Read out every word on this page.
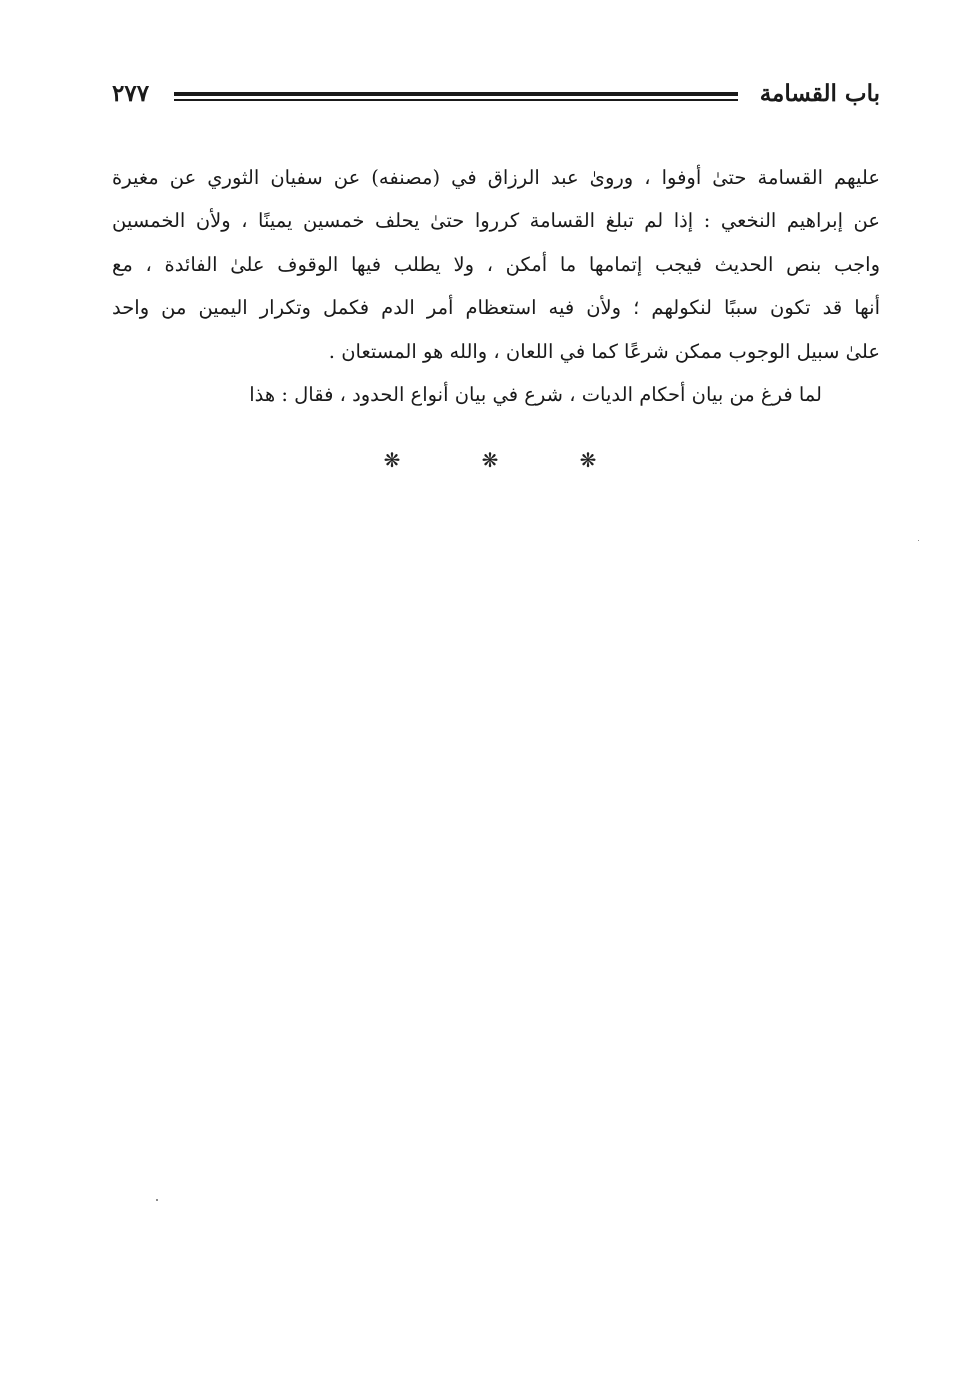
باب القسامة
٢٧٧

عليهم القسامة حتىٰ أوفوا ، ورویٰ عبد الرزاق في (مصنفه) عن سفيان الثوري عن مغيرة
عن إبراهيم النخعي : إذا لم تبلغ القسامة كرروا حتىٰ يحلف خمسين يمينًا ، ولأن الخمسين
واجب بنص الحديث فيجب إتمامها ما أمكن ، ولا يطلب فيها الوقوف علىٰ الفائدة ، مع
أنها قد تكون سببًا لنكولهم ؛ ولأن فيه استعظام أمر الدم فكمل وتكرار اليمين من واحد
علىٰ سبيل الوجوب ممكن شرعًا كما في اللعان ، والله هو المستعان .

لما فرغ من بيان أحكام الديات ، شرع في بيان أنواع الحدود ، فقال : هذا

❋	❋	❋
